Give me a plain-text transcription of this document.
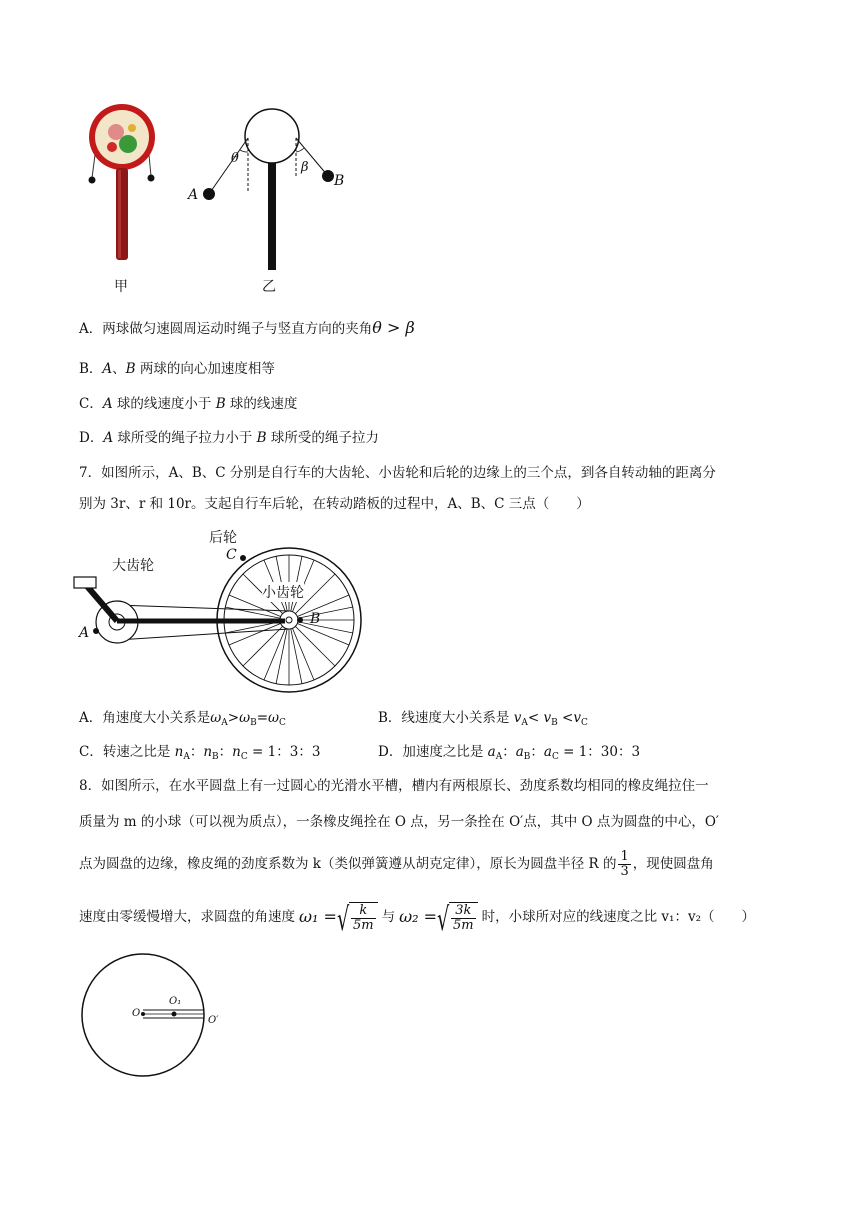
甲
θ
β
A
B
乙
A．两球做匀速圆周运动时绳子与竖直方向的夹角θ > β
B．A、B 两球的向心加速度相等
C．A 球的线速度小于 B 球的线速度
D．A 球所受的绳子拉力小于 B 球所受的绳子拉力
7．如图所示，A、B、C 分别是自行车的大齿轮、小齿轮和后轮的边缘上的三个点，到各自转动轴的距离分
别为 3r、r 和 10r。支起自行车后轮，在转动踏板的过程中，A、B、C 三点（　　）
后轮
大齿轮
小齿轮
C
A
B
A．角速度大小关系是$\omega_A>\omega_B=\omega_C$	B．线速度大小关系是 $v_A< v_B <v_C$
C．转速之比是 $n_A$：$n_B$：$n_C = 1$：3：3	D．加速度之比是 $a_A$：$a_B$：$a_C = 1$：30：3
8．如图所示，在水平圆盘上有一过圆心的光滑水平槽，槽内有两根原长、劲度系数均相同的橡皮绳拉住一
质量为 m 的小球（可以视为质点），一条橡皮绳拴在 O 点，另一条拴在 O′点，其中 O 点为圆盘的中心，O′
点为圆盘的边缘，橡皮绳的劲度系数为 k（类似弹簧遵从胡克定律），原长为圆盘半径 R 的 $\frac{1}{3}$ ，现使圆盘角
速度由零缓慢增大，求圆盘的角速度 ω₁ = √ $\frac{k}{5m}$ 与 ω₂ = √ $\frac{3k}{5m}$ 时，小球所对应的线速度之比 v₁：v₂（　　）
O
O₁
O′
